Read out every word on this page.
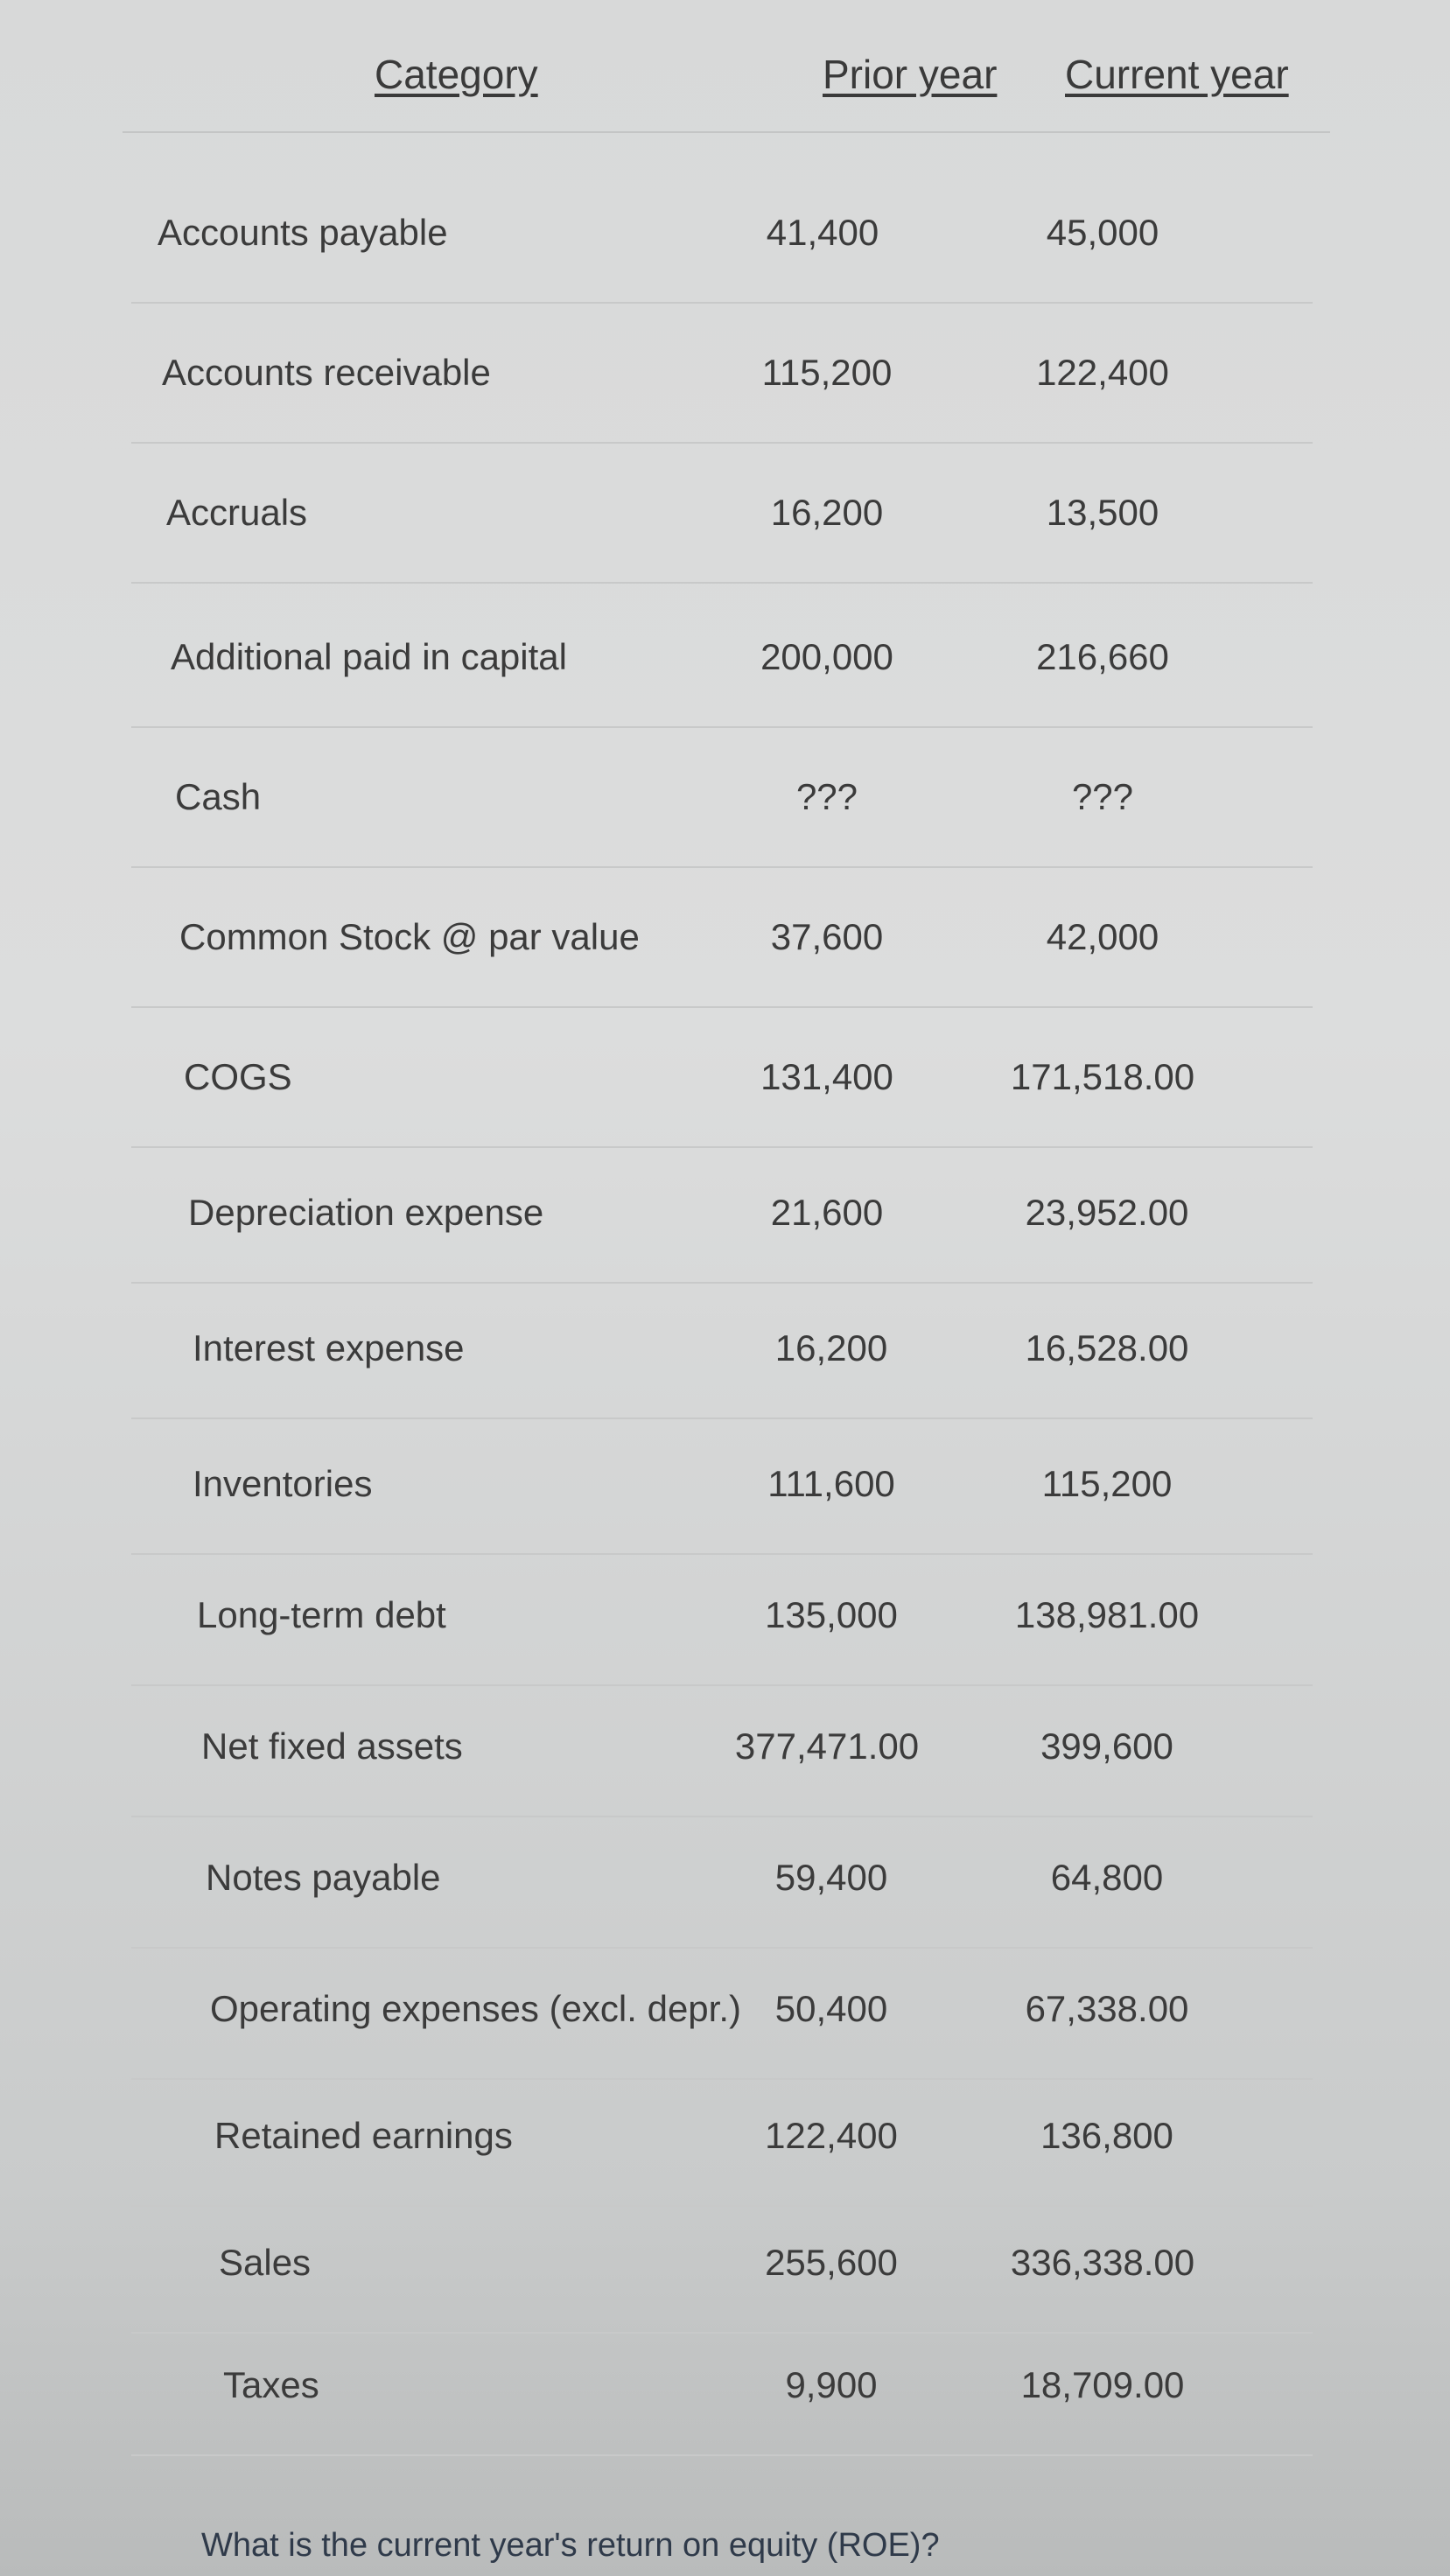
Category	Prior year Current year
Accounts payable	41,400	45,000
Accounts receivable	115,200	122,400
Accruals	16,200	13,500
Additional paid in capital	200,000	216,660
Cash	???	???
Common Stock @ par value	37,600	42,000
COGS	131,400	171,518.00
Depreciation expense	21,600	23,952.00
Interest expense	16,200	16,528.00
Inventories	111,600	115,200
Long-term debt	135,000	138,981.00
Net fixed assets	377,471.00	399,600
Notes payable	59,400	64,800
Operating expenses (excl. depr.) 50,400	67,338.00
Retained earnings	122,400	136,800
Sales	255,600	336,338.00
Taxes	9,900	18,709.00
What is the current year's return on equity (ROE)?
